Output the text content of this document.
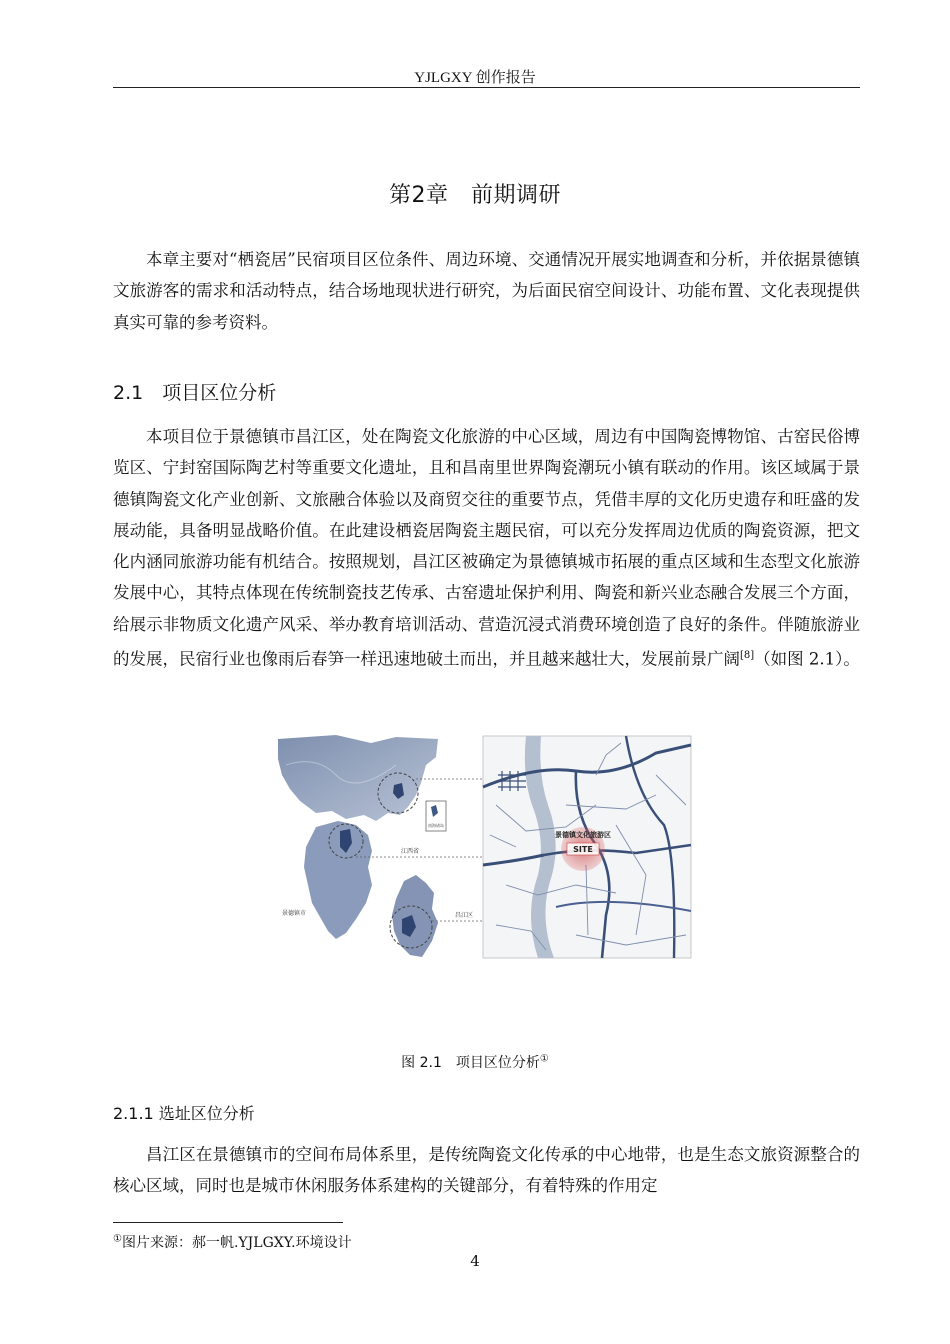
YJLGXY 创作报告
第2章　前期调研

本章主要对“栖瓷居”民宿项目区位条件、周边环境、交通情况开展实地调查和分析，并依据景德镇文旅游客的需求和活动特点，结合场地现状进行研究，为后面民宿空间设计、功能布置、文化表现提供真实可靠的参考资料。

2.1　项目区位分析

本项目位于景德镇市昌江区，处在陶瓷文化旅游的中心区域，周边有中国陶瓷博物馆、古窑民俗博览区、宁封窑国际陶艺村等重要文化遗址，且和昌南里世界陶瓷潮玩小镇有联动的作用。该区域属于景德镇陶瓷文化产业创新、文旅融合体验以及商贸交往的重要节点，凭借丰厚的文化历史遗存和旺盛的发展动能，具备明显战略价值。在此建设栖瓷居陶瓷主题民宿，可以充分发挥周边优质的陶瓷资源，把文化内涵同旅游功能有机结合。按照规划，昌江区被确定为景德镇城市拓展的重点区域和生态型文化旅游发展中心，其特点体现在传统制瓷技艺传承、古窑遗址保护利用、陶瓷和新兴业态融合发展三个方面，给展示非物质文化遗产风采、举办教育培训活动、营造沉浸式消费环境创造了良好的条件。伴随旅游业的发展，民宿行业也像雨后春笋一样迅速地破土而出，并且越来越壮大，发展前景广阔[8]（如图 2.1）。

南海诸岛
江西省
景德镇市	昌江区
SITE
景德镇文化旅游区
图 2.1　项目区位分析①
2.1.1 选址区位分析

昌江区在景德镇市的空间布局体系里，是传统陶瓷文化传承的中心地带，也是生态文旅资源整合的核心区域，同时也是城市休闲服务体系建构的关键部分，有着特殊的作用定

①图片来源：郝一帆.YJLGXY.环境设计
4
